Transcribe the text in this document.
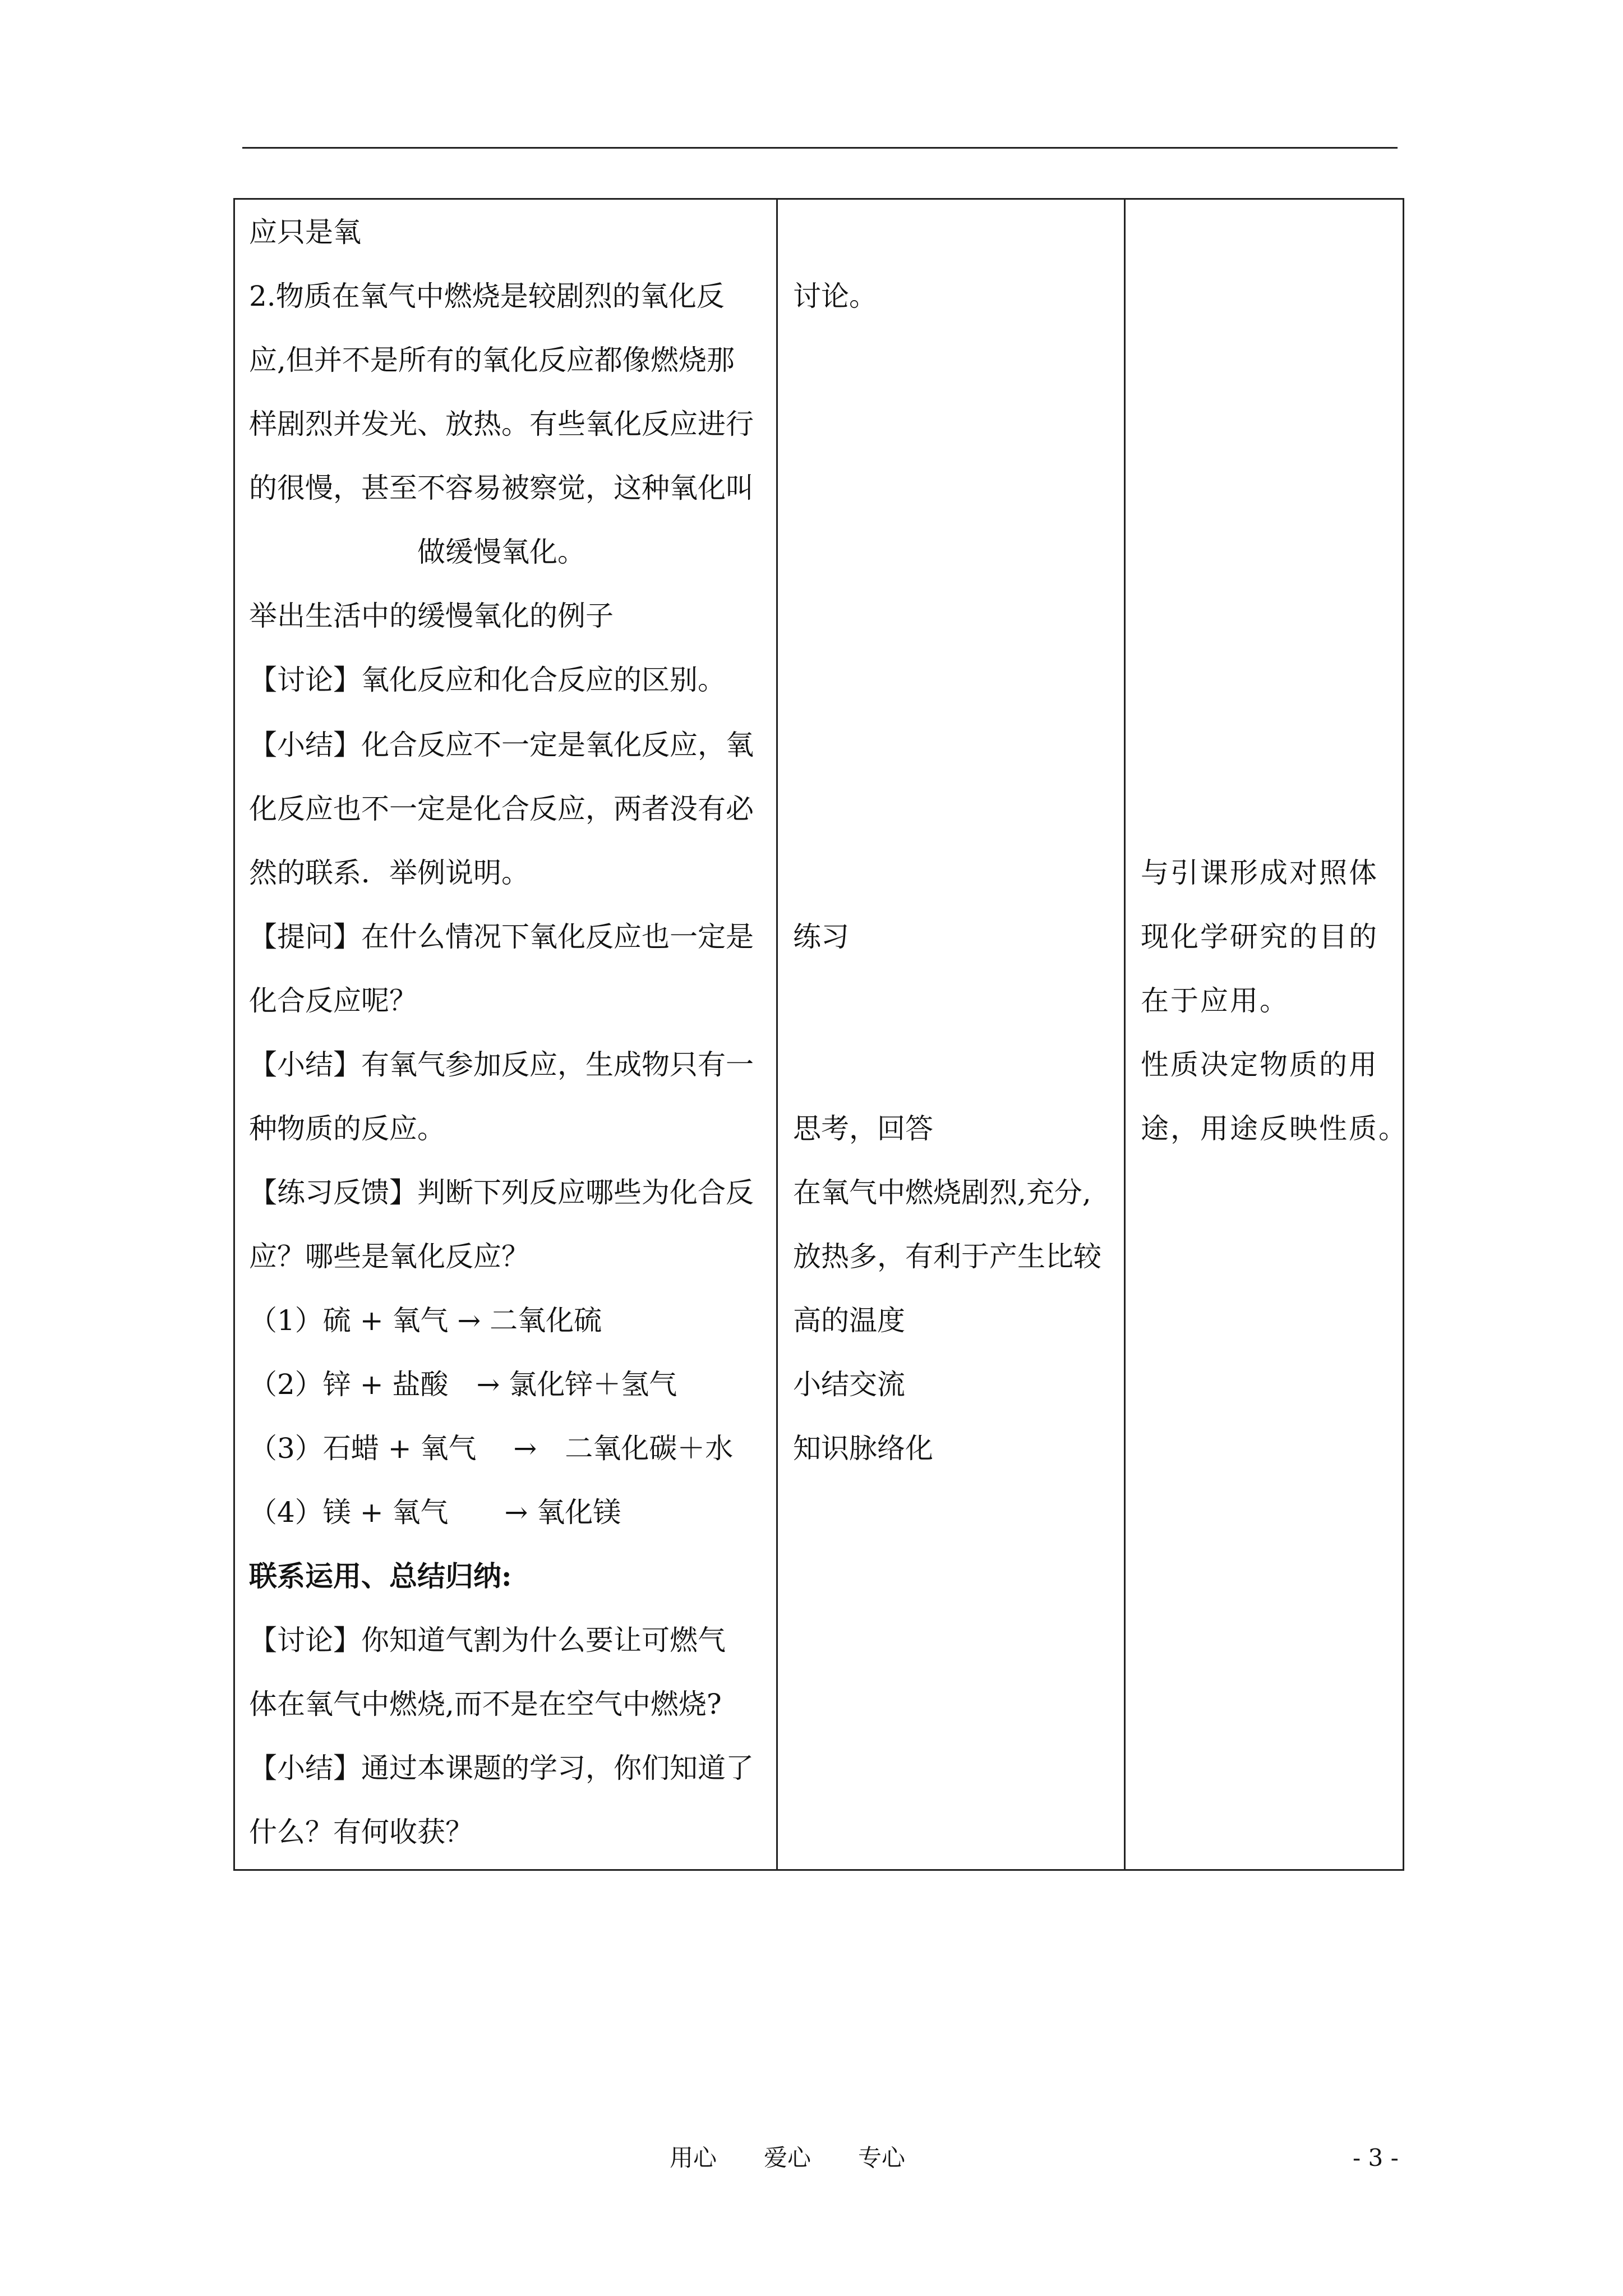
应只是氧
2.物质在氧气中燃烧是较剧烈的氧化反
应,但并不是所有的氧化反应都像燃烧那
样剧烈并发光、放热。有些氧化反应进行
的很慢，甚至不容易被察觉，这种氧化叫
做缓慢氧化。
举出生活中的缓慢氧化的例子
【讨论】氧化反应和化合反应的区别。
【小结】化合反应不一定是氧化反应，氧
化反应也不一定是化合反应，两者没有必
然的联系．举例说明。
【提问】在什么情况下氧化反应也一定是
化合反应呢？
【小结】有氧气参加反应，生成物只有一
种物质的反应。
【练习反馈】判断下列反应哪些为化合反
应？哪些是氧化反应？
（1）硫 + 氧气 → 二氧化硫
（2）锌 + 盐酸　→ 氯化锌＋氢气
（3）石蜡 + 氧气　 →　二氧化碳＋水
（4）镁 + 氧气　　→ 氧化镁
联系运用、总结归纳:
【讨论】你知道气割为什么要让可燃气
体在氧气中燃烧,而不是在空气中燃烧?
【小结】通过本课题的学习，你们知道了
什么？有何收获？
讨论。
练习
思考，回答
在氧气中燃烧剧烈,充分,
放热多，有利于产生比较
高的温度
小结交流
知识脉络化
与引课形成对照体
现化学研究的目的
在于应用。
性质决定物质的用
途，用途反映性质。
用心　　爱心　　专心	- 3 -
